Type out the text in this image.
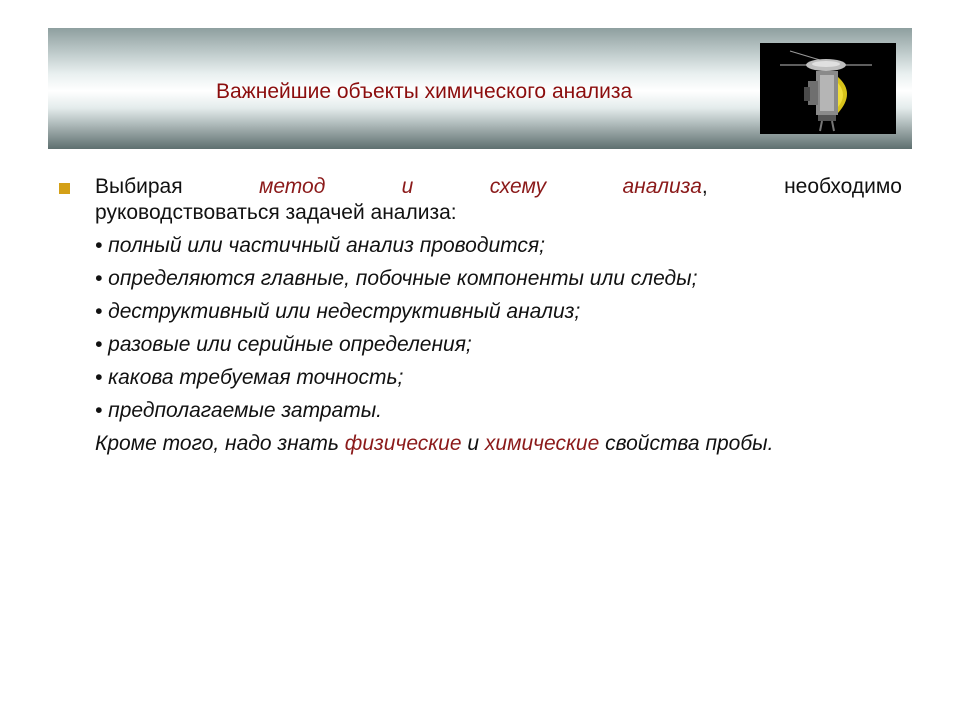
Важнейшие объекты химического анализа
Выбирая	метод	и	схему	анализа,	необходимо
руководствоваться задачей анализа:
• полный или частичный анализ проводится;
• определяются главные, побочные компоненты или следы;
• деструктивный или недеструктивный анализ;
• разовые или серийные определения;
• какова требуемая точность;
• предполагаемые затраты.
Кроме того, надо знать физические и химические свойства пробы.
